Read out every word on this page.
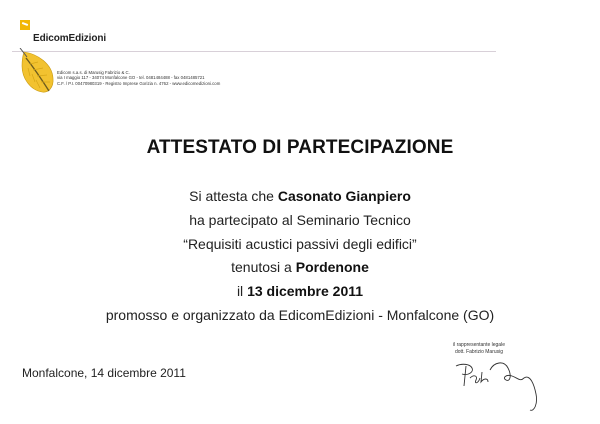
EdicomEdizioni
Edicom s.a.s. di Marusig Fabrizio & C.
via I maggio 117 - 34074 Monfalcone GO - tel. 0481484488 - fax 0481485721
C.F. / P.I. 00470980319 - Registro Imprese Gorizia n. 4762 - www.edicomedizioni.com
ATTESTATO DI PARTECIPAZIONE
Si attesta che Casonato Gianpiero
ha partecipato al Seminario Tecnico
“Requisiti acustici passivi degli edifici”
tenutosi a Pordenone
il 13 dicembre 2011
promosso e organizzato da EdicomEdizioni - Monfalcone (GO)
Monfalcone, 14 dicembre 2011
il rappresentante legale
dott. Fabrizio Marusig
